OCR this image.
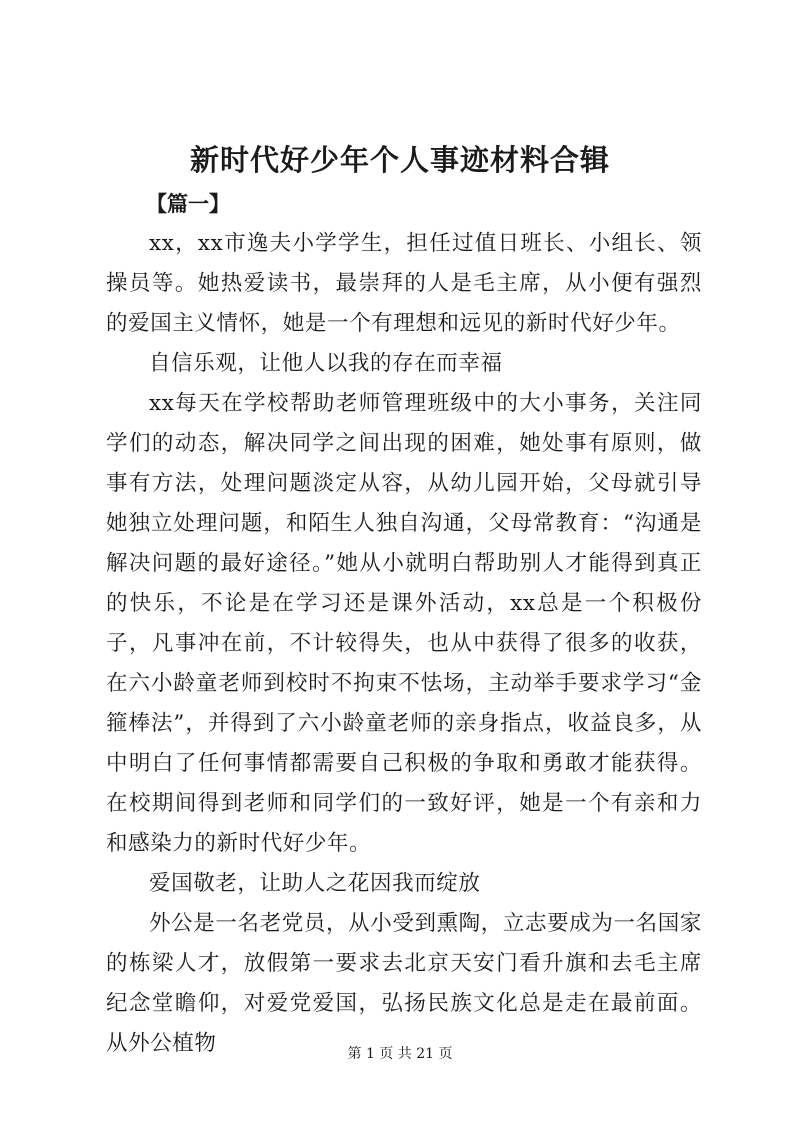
新时代好少年个人事迹材料合辑
【篇一】

xx，xx市逸夫小学学生，担任过值日班长、小组长、领操员等。她热爱读书，最崇拜的人是毛主席，从小便有强烈的爱国主义情怀，她是一个有理想和远见的新时代好少年。

自信乐观，让他人以我的存在而幸福

xx每天在学校帮助老师管理班级中的大小事务，关注同学们的动态，解决同学之间出现的困难，她处事有原则，做事有方法，处理问题淡定从容，从幼儿园开始，父母就引导她独立处理问题，和陌生人独自沟通，父母常教育：“沟通是解决问题的最好途径。”她从小就明白帮助别人才能得到真正的快乐，不论是在学习还是课外活动，xx总是一个积极份子，凡事冲在前，不计较得失，也从中获得了很多的收获，在六小龄童老师到校时不拘束不怯场，主动举手要求学习“金箍棒法”，并得到了六小龄童老师的亲身指点，收益良多，从中明白了任何事情都需要自己积极的争取和勇敢才能获得。在校期间得到老师和同学们的一致好评，她是一个有亲和力和感染力的新时代好少年。

爱国敬老，让助人之花因我而绽放

外公是一名老党员，从小受到熏陶，立志要成为一名国家的栋梁人才，放假第一要求去北京天安门看升旗和去毛主席纪念堂瞻仰，对爱党爱国，弘扬民族文化总是走在最前面。从外公植物	第 1 页 共 21 页
